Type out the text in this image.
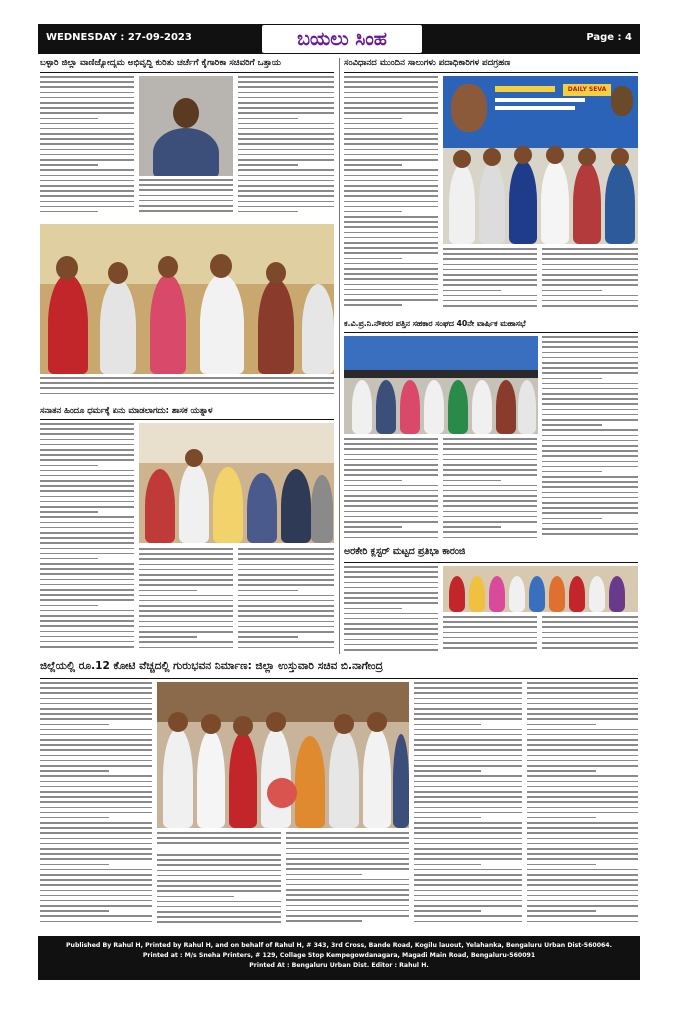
WEDNESDAY : 27-09-2023	ಬಯಲು ಸಿಂಹ	Page : 4
ಬಳ್ಳಾರಿ ಜಿಲ್ಲಾ ವಾಣಿಜ್ಯೋದ್ಯಮ ಅಭಿವೃದ್ಧಿ ಕುರಿತು ಚರ್ಚೆಗೆ ಕೈಗಾರಿಕಾ ಸಚಿವರಿಗೆ ಒತ್ತಾಯ	ಸಂವಿಧಾನದ ಮುಂದಿನ ಸಾಲುಗಳು ಪದಾಧಿಕಾರಿಗಳ ಪದಗ್ರಹಣ
ಸನಾತನ ಹಿಂದೂ ಧರ್ಮಕ್ಕೆ ಏನು ಮಾಡಲಾಗದು: ಶಾಸಕ ಯತ್ನಾಳ
DAILY SEVA
ಕ.ವಿ.ಪ್ರ.ನಿ.ನೌಕರರ ಪತ್ತಿನ ಸಹಕಾರ ಸಂಘದ 40ನೇ ವಾರ್ಷಿಕ ಮಹಾಸಭೆ
ಅರಕೇರಿ ಕ್ಲಸ್ಟರ್ ಮಟ್ಟದ ಪ್ರತಿಭಾ ಕಾರಂಜಿ
ಜಿಲ್ಲೆಯಲ್ಲಿ ರೂ.12 ಕೋಟಿ ವೆಚ್ಚದಲ್ಲಿ ಗುರುಭವನ ನಿರ್ಮಾಣ: ಜಿಲ್ಲಾ ಉಸ್ತುವಾರಿ ಸಚಿವ ಬಿ.ನಾಗೇಂದ್ರ
Published By Rahul H, Printed by Rahul H, and on behalf of Rahul H, # 343, 3rd Cross, Bande Road, Kogilu lauout, Yelahanka, Bengaluru Urban Dist-560064.
Printed at : M/s Sneha Printers, # 129, Collage Stop Kempegowdanagara, Magadi Main Road, Bengaluru-560091
Printed At : Bengaluru Urban Dist. Editor : Rahul H.
